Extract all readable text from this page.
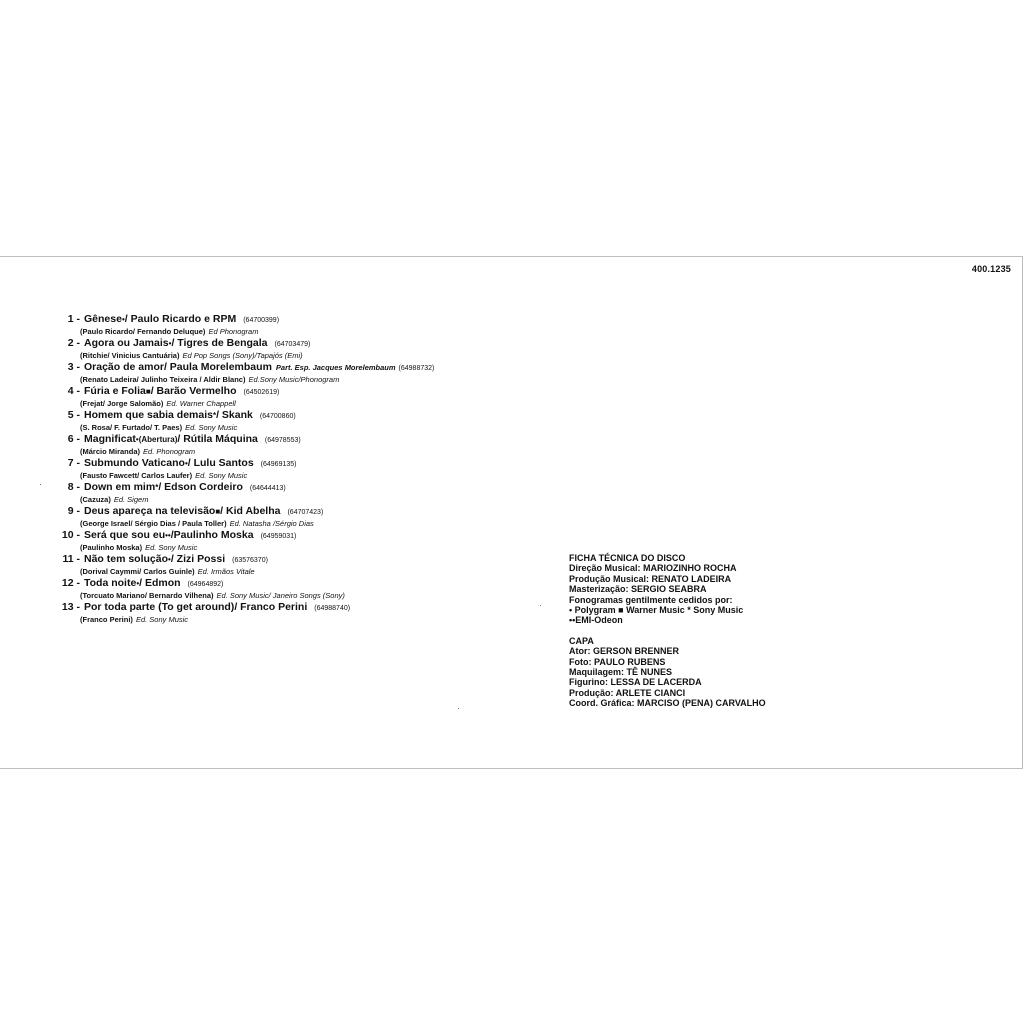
400.1235
1 - Gênese•/ Paulo Ricardo e RPM (64700399)
(Paulo Ricardo/ Fernando Deluque) Ed Phonogram
2 - Agora ou Jamais•/ Tigres de Bengala (64703479)
(Ritchie/ Vinicius Cantuária) Ed Pop Songs (Sony)/Tapajós (Emi)
3 - Oração de amor/ Paula Morelembaum Part. Esp. Jacques Morelembaum (64988732)
(Renato Ladeira/ Julinho Teixeira / Aldir Blanc) Ed.Sony Music/Phonogram
4 - Fúria e Folia■/ Barão Vermelho (64502619)
(Frejat/ Jorge Salomão) Ed. Warner Chappell
5 - Homem que sabia demais*/ Skank (64700860)
(S. Rosa/ F. Furtado/ T. Paes) Ed. Sony Music
6 - Magnificat•(Abertura)/ Rútila Máquina (64978553)
(Márcio Miranda) Ed. Phonogram
7 - Submundo Vaticano•/ Lulu Santos (64969135)
(Fausto Fawcett/ Carlos Laufer) Ed. Sony Music
8 - Down em mim*/ Edson Cordeiro (64644413)
(Cazuza) Ed. Sigem
9 - Deus apareça na televisão■/ Kid Abelha (64707423)
(George Israel/ Sérgio Dias / Paula Toller) Ed. Natasha /Sérgio Dias
10 - Será que sou eu••/Paulinho Moska (64959031)
(Paulinho Moska) Ed. Sony Music
11 - Não tem solução•/ Zizi Possi (63576370)
(Dorival Caymmi/ Carlos Guinle) Ed. Irmãos Vitale
12 - Toda noite•/ Edmon (64964892)
(Torcuato Mariano/ Bernardo Vilhena) Ed. Sony Music/ Janeiro Songs (Sony)
13 - Por toda parte (To get around)/ Franco Perini (64988740)
(Franco Perini) Ed. Sony Music
FICHA TÉCNICA DO DISCO
Direção Musical: MARIOZINHO ROCHA
Produção Musical: RENATO LADEIRA
Masterização: SERGIO SEABRA
Fonogramas gentilmente cedidos por:
• Polygram ■ Warner Music * Sony Music
••EMI-Odeon
CAPA
Ator: GERSON BRENNER
Foto: PAULO RUBENS
Maquilagem: TÊ NUNES
Figurino: LESSA DE LACERDA
Produção: ARLETE CIANCI
Coord. Gráfica: MARCISO (PENA) CARVALHO
